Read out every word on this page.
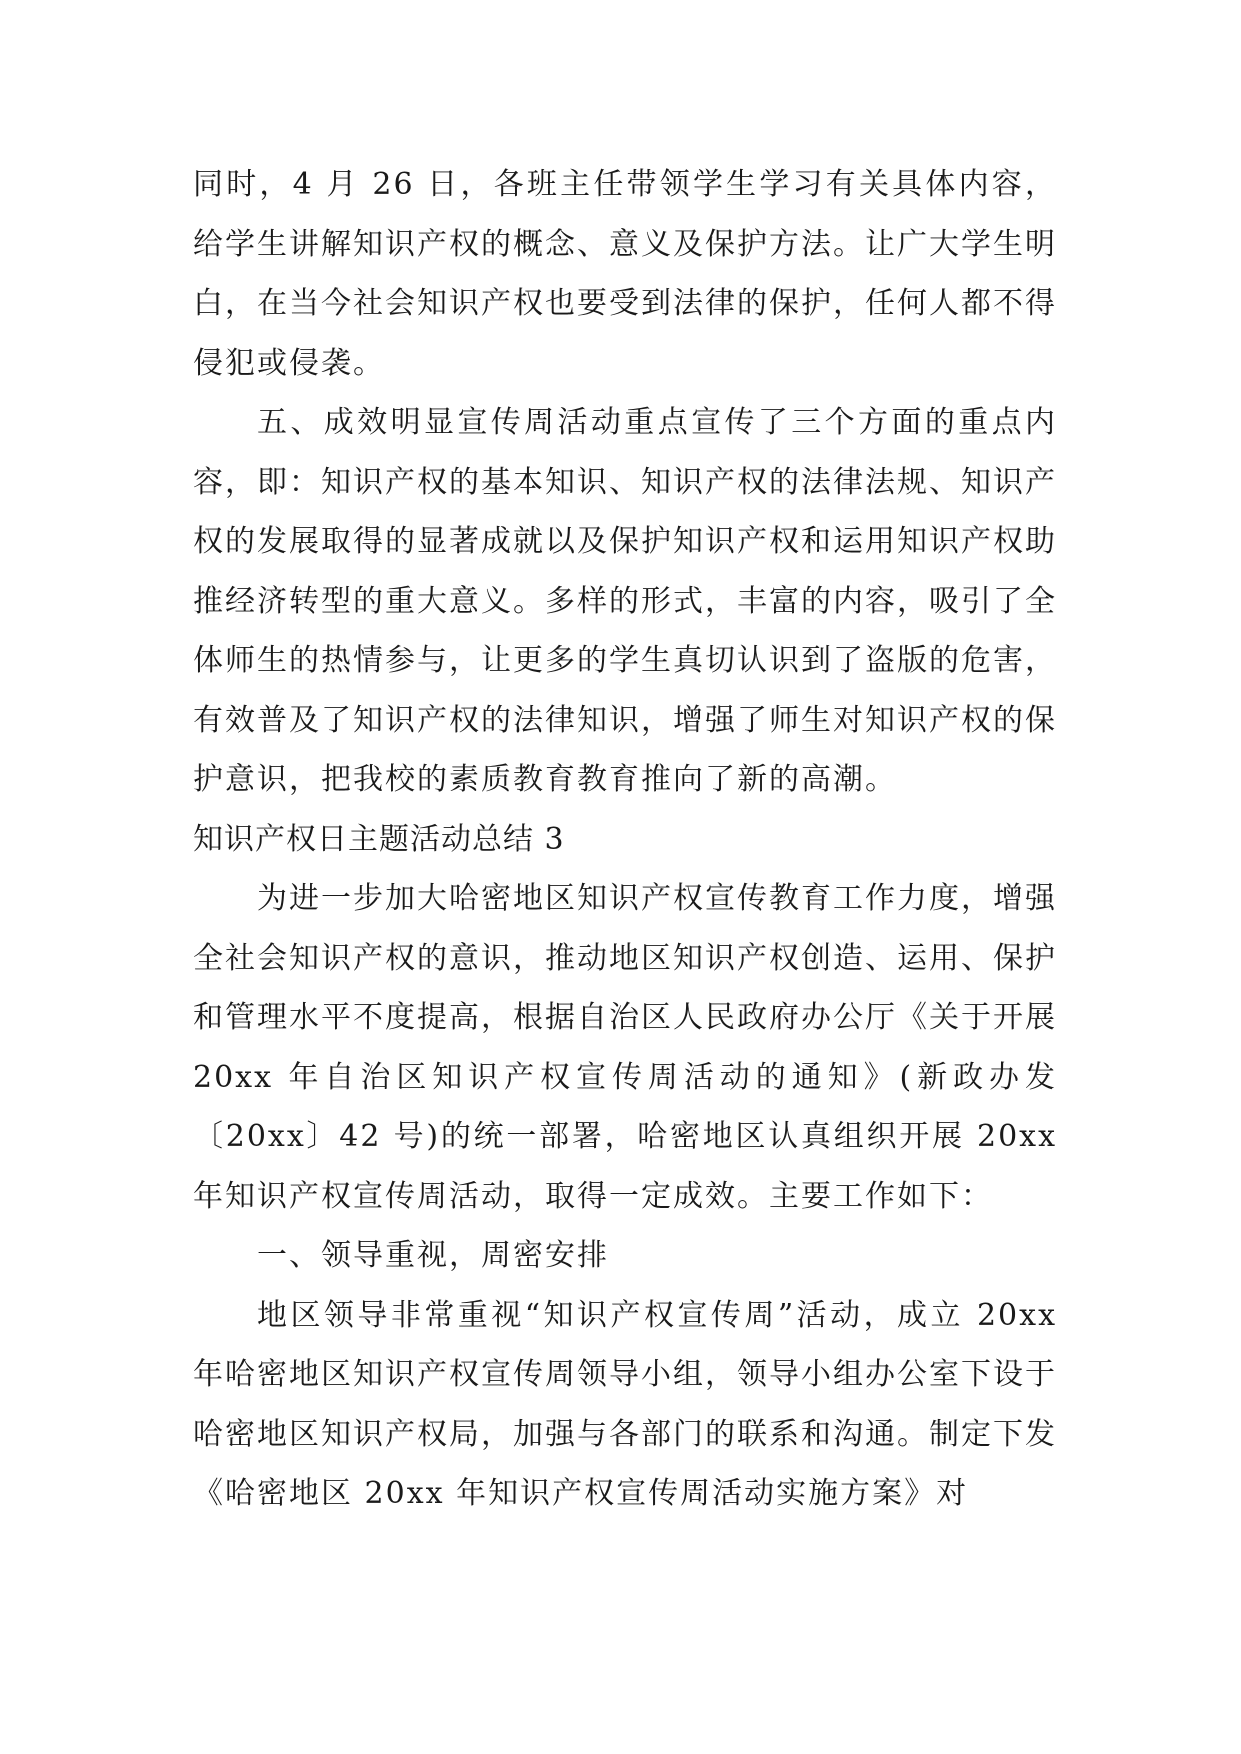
同时，4 月 26 日，各班主任带领学生学习有关具体内容，给学生讲解知识产权的概念、意义及保护方法。让广大学生明白，在当今社会知识产权也要受到法律的保护，任何人都不得侵犯或侵袭。

五、成效明显宣传周活动重点宣传了三个方面的重点内容，即：知识产权的基本知识、知识产权的法律法规、知识产权的发展取得的显著成就以及保护知识产权和运用知识产权助推经济转型的重大意义。多样的形式，丰富的内容，吸引了全体师生的热情参与，让更多的学生真切认识到了盗版的危害，有效普及了知识产权的法律知识，增强了师生对知识产权的保护意识，把我校的素质教育教育推向了新的高潮。

知识产权日主题活动总结 3

为进一步加大哈密地区知识产权宣传教育工作力度，增强全社会知识产权的意识，推动地区知识产权创造、运用、保护和管理水平不度提高，根据自治区人民政府办公厅《关于开展 20xx 年自治区知识产权宣传周活动的通知》(新政办发〔20xx〕42 号)的统一部署，哈密地区认真组织开展 20xx 年知识产权宣传周活动，取得一定成效。主要工作如下：

一、领导重视，周密安排

地区领导非常重视“知识产权宣传周”活动，成立 20xx 年哈密地区知识产权宣传周领导小组，领导小组办公室下设于哈密地区知识产权局，加强与各部门的联系和沟通。制定下发《哈密地区 20xx 年知识产权宣传周活动实施方案》对
